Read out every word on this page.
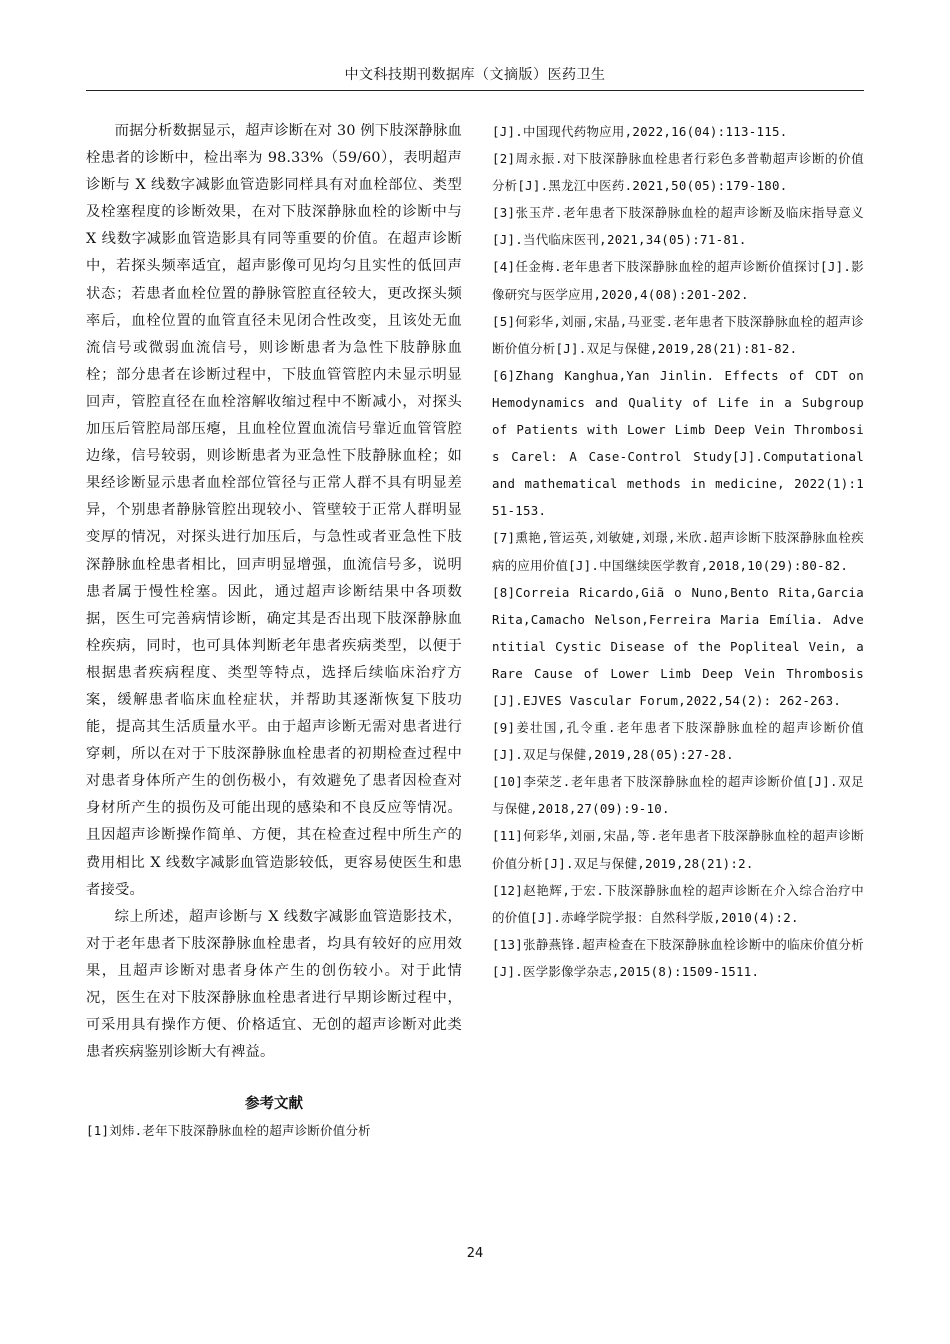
中文科技期刊数据库（文摘版）医药卫生

而据分析数据显示，超声诊断在对 30 例下肢深静脉血栓患者的诊断中，检出率为 98.33%（59/60），表明超声诊断与 X 线数字减影血管造影同样具有对血栓部位、类型及栓塞程度的诊断效果，在对下肢深静脉血栓的诊断中与 X 线数字减影血管造影具有同等重要的价值。在超声诊断中，若探头频率适宜，超声影像可见均匀且实性的低回声状态；若患者血栓位置的静脉管腔直径较大，更改探头频率后，血栓位置的血管直径未见闭合性改变，且该处无血流信号或微弱血流信号，则诊断患者为急性下肢静脉血栓；部分患者在诊断过程中，下肢血管管腔内未显示明显回声，管腔直径在血栓溶解收缩过程中不断减小，对探头加压后管腔局部压瘪，且血栓位置血流信号靠近血管管腔边缘，信号较弱，则诊断患者为亚急性下肢静脉血栓；如果经诊断显示患者血栓部位管径与正常人群不具有明显差异，个别患者静脉管腔出现较小、管壁较于正常人群明显变厚的情况，对探头进行加压后，与急性或者亚急性下肢深静脉血栓患者相比，回声明显增强，血流信号多，说明患者属于慢性栓塞。因此，通过超声诊断结果中各项数据，医生可完善病情诊断，确定其是否出现下肢深静脉血栓疾病，同时，也可具体判断老年患者疾病类型，以便于根据患者疾病程度、类型等特点，选择后续临床治疗方案，缓解患者临床血栓症状，并帮助其逐渐恢复下肢功能，提高其生活质量水平。由于超声诊断无需对患者进行穿刺，所以在对于下肢深静脉血栓患者的初期检查过程中对患者身体所产生的创伤极小，有效避免了患者因检查对身材所产生的损伤及可能出现的感染和不良反应等情况。且因超声诊断操作简单、方便，其在检查过程中所生产的费用相比 X 线数字减影血管造影较低，更容易使医生和患者接受。

综上所述，超声诊断与 X 线数字减影血管造影技术，对于老年患者下肢深静脉血栓患者，均具有较好的应用效果，且超声诊断对患者身体产生的创伤较小。对于此情况，医生在对下肢深静脉血栓患者进行早期诊断过程中，可采用具有操作方便、价格适宜、无创的超声诊断对此类患者疾病鉴别诊断大有裨益。

参考文献

[1]刘炜.老年下肢深静脉血栓的超声诊断价值分析

[J].中国现代药物应用,2022,16(04):113-115.

[2]周永振.对下肢深静脉血栓患者行彩色多普勒超声诊断的价值分析[J].黑龙江中医药.2021,50(05):179-180.

[3]张玉芹.老年患者下肢深静脉血栓的超声诊断及临床指导意义[J].当代临床医刊,2021,34(05):71-81.

[4]任金梅.老年患者下肢深静脉血栓的超声诊断价值探讨[J].影像研究与医学应用,2020,4(08):201-202.

[5]何彩华,刘丽,宋晶,马亚雯.老年患者下肢深静脉血栓的超声诊断价值分析[J].双足与保健,2019,28(21):81-82.

[6]Zhang Kanghua,Yan Jinlin. Effects of CDT on Hemodynamics and Quality of Life in a Subgroup of Patients with Lower Limb Deep Vein Thrombosis Carel: A Case-Control Study[J].Computational and mathematical methods in medicine, 2022(1):151-153.

[7]熏艳,管运英,刘敏婕,刘璟,米欣.超声诊断下肢深静脉血栓疾病的应用价值[J].中国继续医学教育,2018,10(29):80-82.

[8]Correia Ricardo,Giã o Nuno,Bento Rita,Garcia Rita,Camacho Nelson,Ferreira Maria Emília. Adventitial Cystic Disease of the Popliteal Vein, a Rare Cause of Lower Limb Deep Vein Thrombosis[J].EJVES Vascular Forum,2022,54(2): 262-263.

[9]姜壮国,孔令重.老年患者下肢深静脉血栓的超声诊断价值[J].双足与保健,2019,28(05):27-28.

[10]李荣芝.老年患者下肢深静脉血栓的超声诊断价值[J].双足与保健,2018,27(09):9-10.

[11]何彩华,刘丽,宋晶,等.老年患者下肢深静脉血栓的超声诊断价值分析[J].双足与保健,2019,28(21):2.

[12]赵艳辉,于宏.下肢深静脉血栓的超声诊断在介入综合治疗中的价值[J].赤峰学院学报：自然科学版,2010(4):2.

[13]张静燕锋.超声检查在下肢深静脉血栓诊断中的临床价值分析[J].医学影像学杂志,2015(8):1509-1511.

24
